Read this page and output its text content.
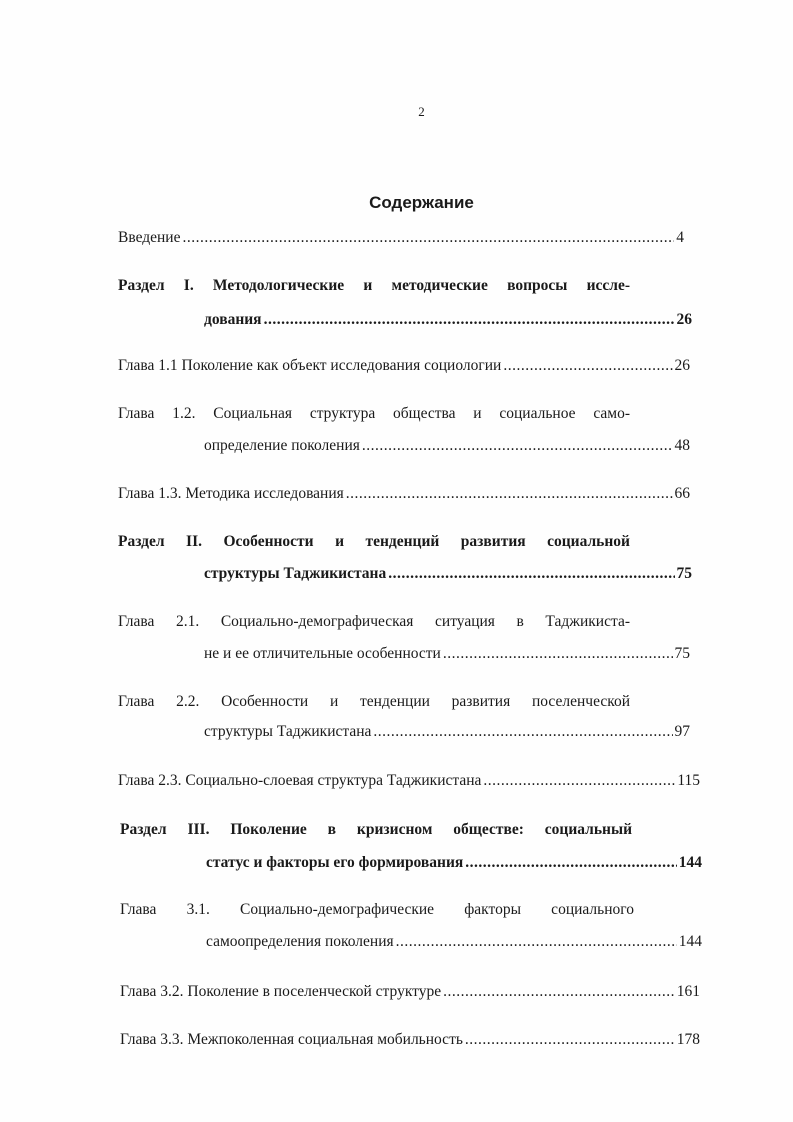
2
Содержание
Введение .....	4
Раздел I. Методологические и методические вопросы иссле-
дования .....	26
Глава 1.1 Поколение как объект исследования социологии .....	26
Глава 1.2. Социальная структура общества и социальное само-
определение поколения .....	48
Глава 1.3. Методика исследования .....	66
Раздел II. Особенности и тенденций развития социальной
структуры Таджикистана .....	75
Глава 2.1. Социально-демографическая ситуация в Таджикиста-
не и ее отличительные особенности .....	75
Глава 2.2. Особенности и тенденции развития поселенческой
структуры Таджикистана .....	97
Глава 2.3. Социально-слоевая структура Таджикистана .....	115
Раздел III. Поколение в кризисном обществе: социальный
статус и факторы его формирования .....	144
Глава 3.1. Социально-демографические факторы социального
самоопределения поколения .....	144
Глава 3.2. Поколение в поселенческой структуре .....	161
Глава 3.3. Межпоколенная социальная мобильность .....	178
